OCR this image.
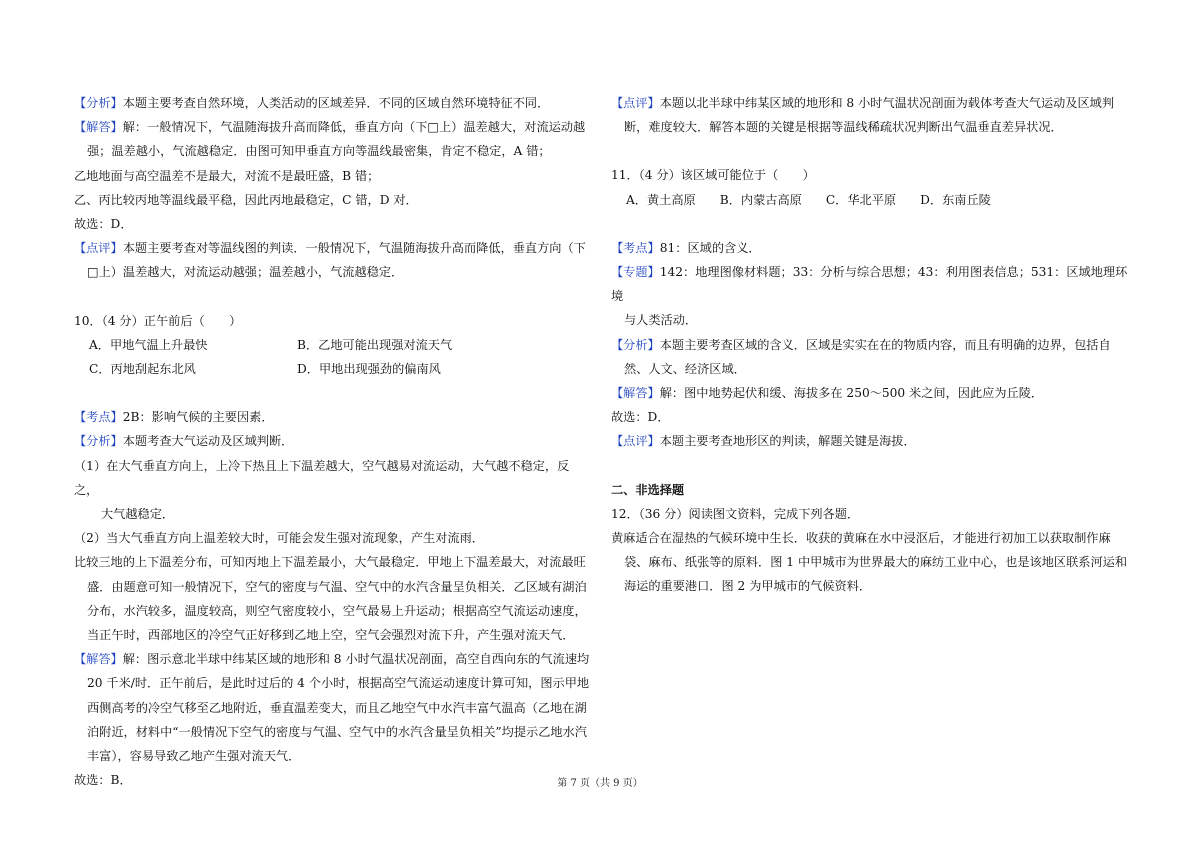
【分析】本题主要考查自然环境，人类活动的区域差异．不同的区域自然环境特征不同．

【解答】解：一般情况下，气温随海拔升高而降低，垂直方向（下□上）温差越大，对流运动越

强；温差越小，气流越稳定．由图可知甲垂直方向等温线最密集，肯定不稳定，A 错；

乙地地面与高空温差不是最大，对流不是最旺盛，B 错；

乙、丙比较丙地等温线最平稳，因此丙地最稳定，C 错，D 对．

故选：D．

【点评】本题主要考查对等温线图的判读．一般情况下，气温随海拔升高而降低，垂直方向（下

□上）温差越大，对流运动越强；温差越小，气流越稳定．

10．（4 分）正午前后（　　）

A．甲地气温上升最快	B．乙地可能出现强对流天气
C．丙地刮起东北风	D．甲地出现强劲的偏南风

【考点】2B：影响气候的主要因素．

【分析】本题考查大气运动及区域判断．

（1）在大气垂直方向上，上冷下热且上下温差越大，空气越易对流运动，大气越不稳定，反之，

大气越稳定．

（2）当大气垂直方向上温差较大时，可能会发生强对流现象，产生对流雨．

比较三地的上下温差分布，可知丙地上下温差最小，大气最稳定．甲地上下温差最大，对流最旺

盛．由题意可知一般情况下，空气的密度与气温、空气中的水汽含量呈负相关．乙区域有湖泊

分布，水汽较多，温度较高，则空气密度较小，空气最易上升运动；根据高空气流运动速度，

当正午时，西部地区的冷空气正好移到乙地上空，空气会强烈对流下升，产生强对流天气．

【解答】解：图示意北半球中纬某区域的地形和 8 小时气温状况剖面，高空自西向东的气流速均

20 千米/时．正午前后，是此时过后的 4 个小时，根据高空气流运动速度计算可知，图示甲地

西侧高考的冷空气移至乙地附近，垂直温差变大，而且乙地空气中水汽丰富气温高（乙地在湖

泊附近，材料中“一般情况下空气的密度与气温、空气中的水汽含量呈负相关”均提示乙地水汽

丰富），容易导致乙地产生强对流天气．

故选：B．

【点评】本题以北半球中纬某区域的地形和 8 小时气温状况剖面为载体考查大气运动及区域判

断，难度较大．解答本题的关键是根据等温线稀疏状况判断出气温垂直差异状况．

11．（4 分）该区域可能位于（　　）

A．黄土高原 B．内蒙古高原 C．华北平原 D．东南丘陵

【考点】81：区域的含义．

【专题】142：地理图像材料题；33：分析与综合思想；43：利用图表信息；531：区域地理环境

与人类活动．

【分析】本题主要考查区域的含义．区域是实实在在的物质内容，而且有明确的边界，包括自

然、人文、经济区域．

【解答】解：图中地势起伏和缓、海拔多在 250～500 米之间，因此应为丘陵．

故选：D．

【点评】本题主要考查地形区的判读，解题关键是海拔．

二、非选择题

12．（36 分）阅读图文资料，完成下列各题．

黄麻适合在湿热的气候环境中生长．收获的黄麻在水中浸沤后，才能进行初加工以获取制作麻

袋、麻布、纸张等的原料．图 1 中甲城市为世界最大的麻纺工业中心，也是该地区联系河运和

海运的重要港口．图 2 为甲城市的气候资料．

第 7 页（共 9 页）
